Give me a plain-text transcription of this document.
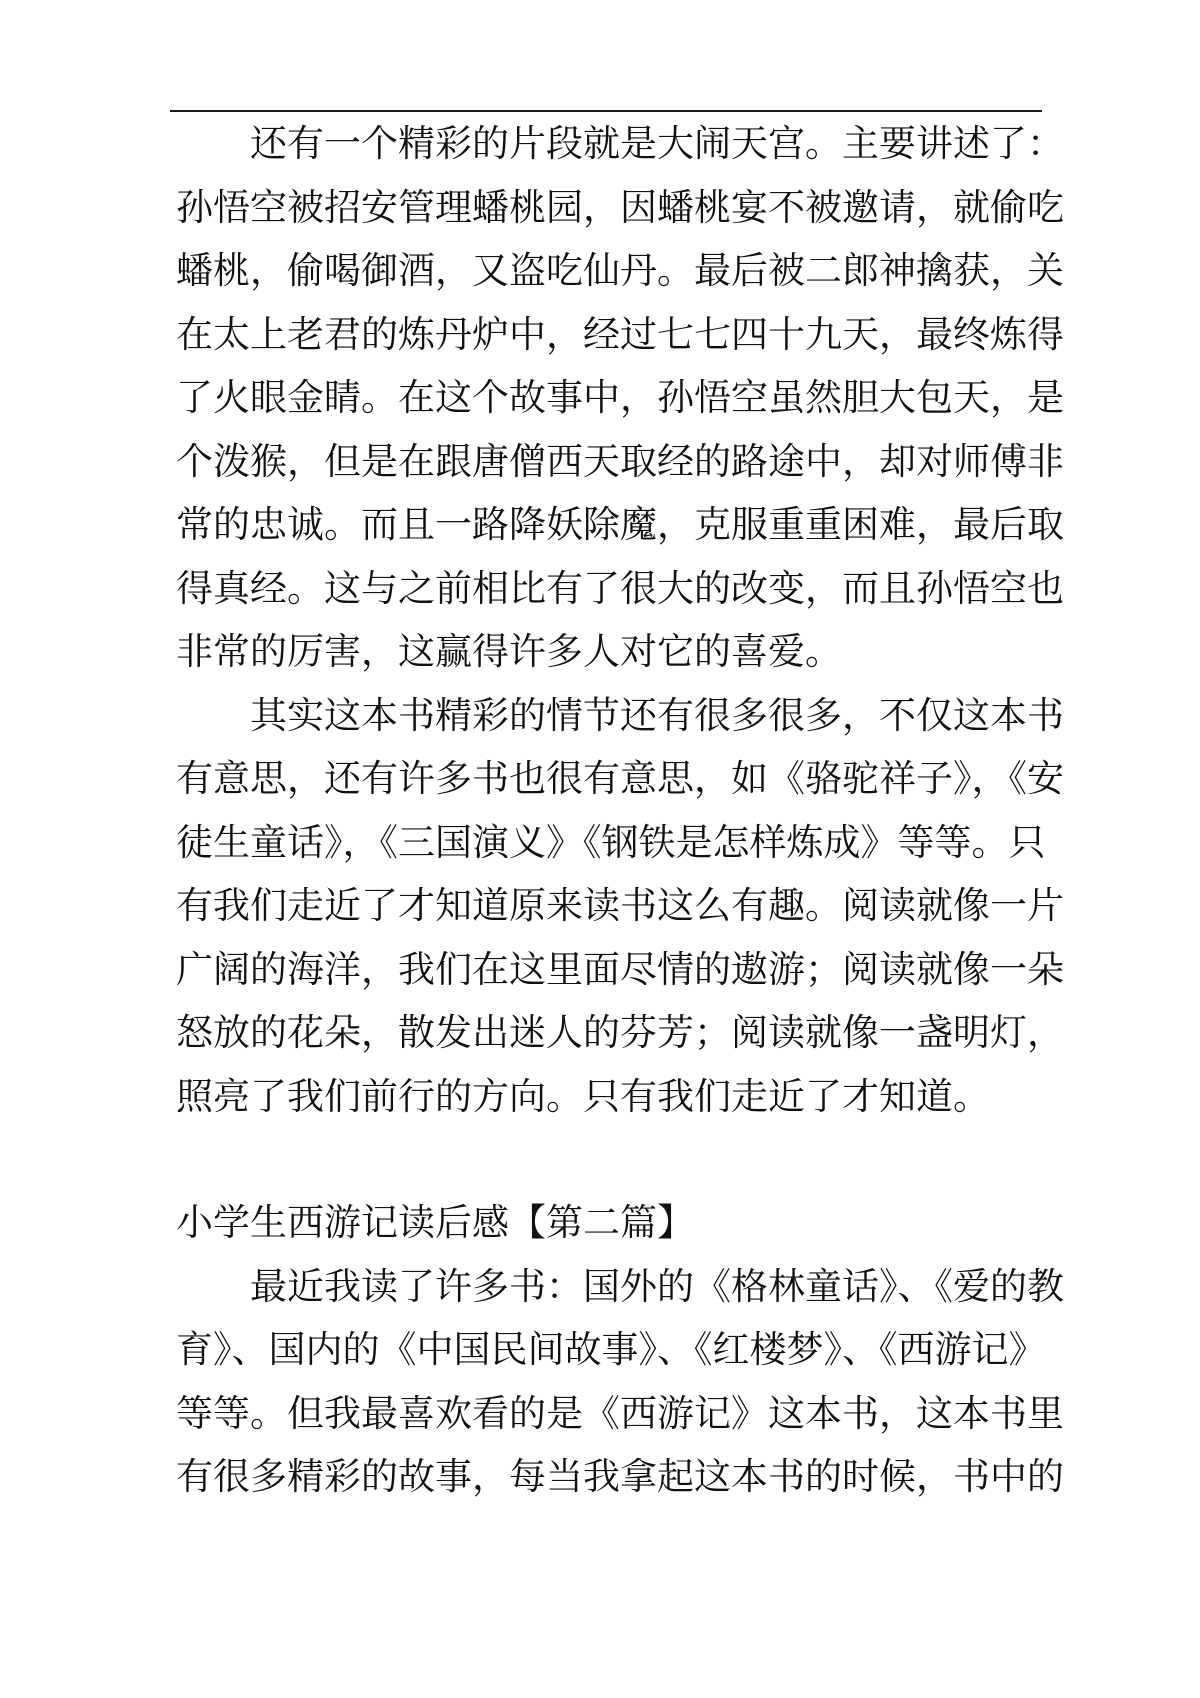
还有一个精彩的片段就是大闹天宫。主要讲述了：

孙悟空被招安管理蟠桃园，因蟠桃宴不被邀请，就偷吃

蟠桃，偷喝御酒，又盗吃仙丹。最后被二郎神擒获，关

在太上老君的炼丹炉中，经过七七四十九天，最终炼得

了火眼金睛。在这个故事中，孙悟空虽然胆大包天，是

个泼猴，但是在跟唐僧西天取经的路途中，却对师傅非

常的忠诚。而且一路降妖除魔，克服重重困难，最后取

得真经。这与之前相比有了很大的改变，而且孙悟空也

非常的厉害，这赢得许多人对它的喜爱。

其实这本书精彩的情节还有很多很多，不仅这本书

有意思，还有许多书也很有意思，如《骆驼祥子》，《安

徒生童话》，《三国演义》《钢铁是怎样炼成》等等。只

有我们走近了才知道原来读书这么有趣。阅读就像一片

广阔的海洋，我们在这里面尽情的遨游；阅读就像一朵

怒放的花朵，散发出迷人的芬芳；阅读就像一盏明灯，

照亮了我们前行的方向。只有我们走近了才知道。

小学生西游记读后感【第二篇】

最近我读了许多书：国外的《格林童话》、《爱的教

育》、国内的《中国民间故事》、《红楼梦》、《西游记》

等等。但我最喜欢看的是《西游记》这本书，这本书里

有很多精彩的故事，每当我拿起这本书的时候，书中的
